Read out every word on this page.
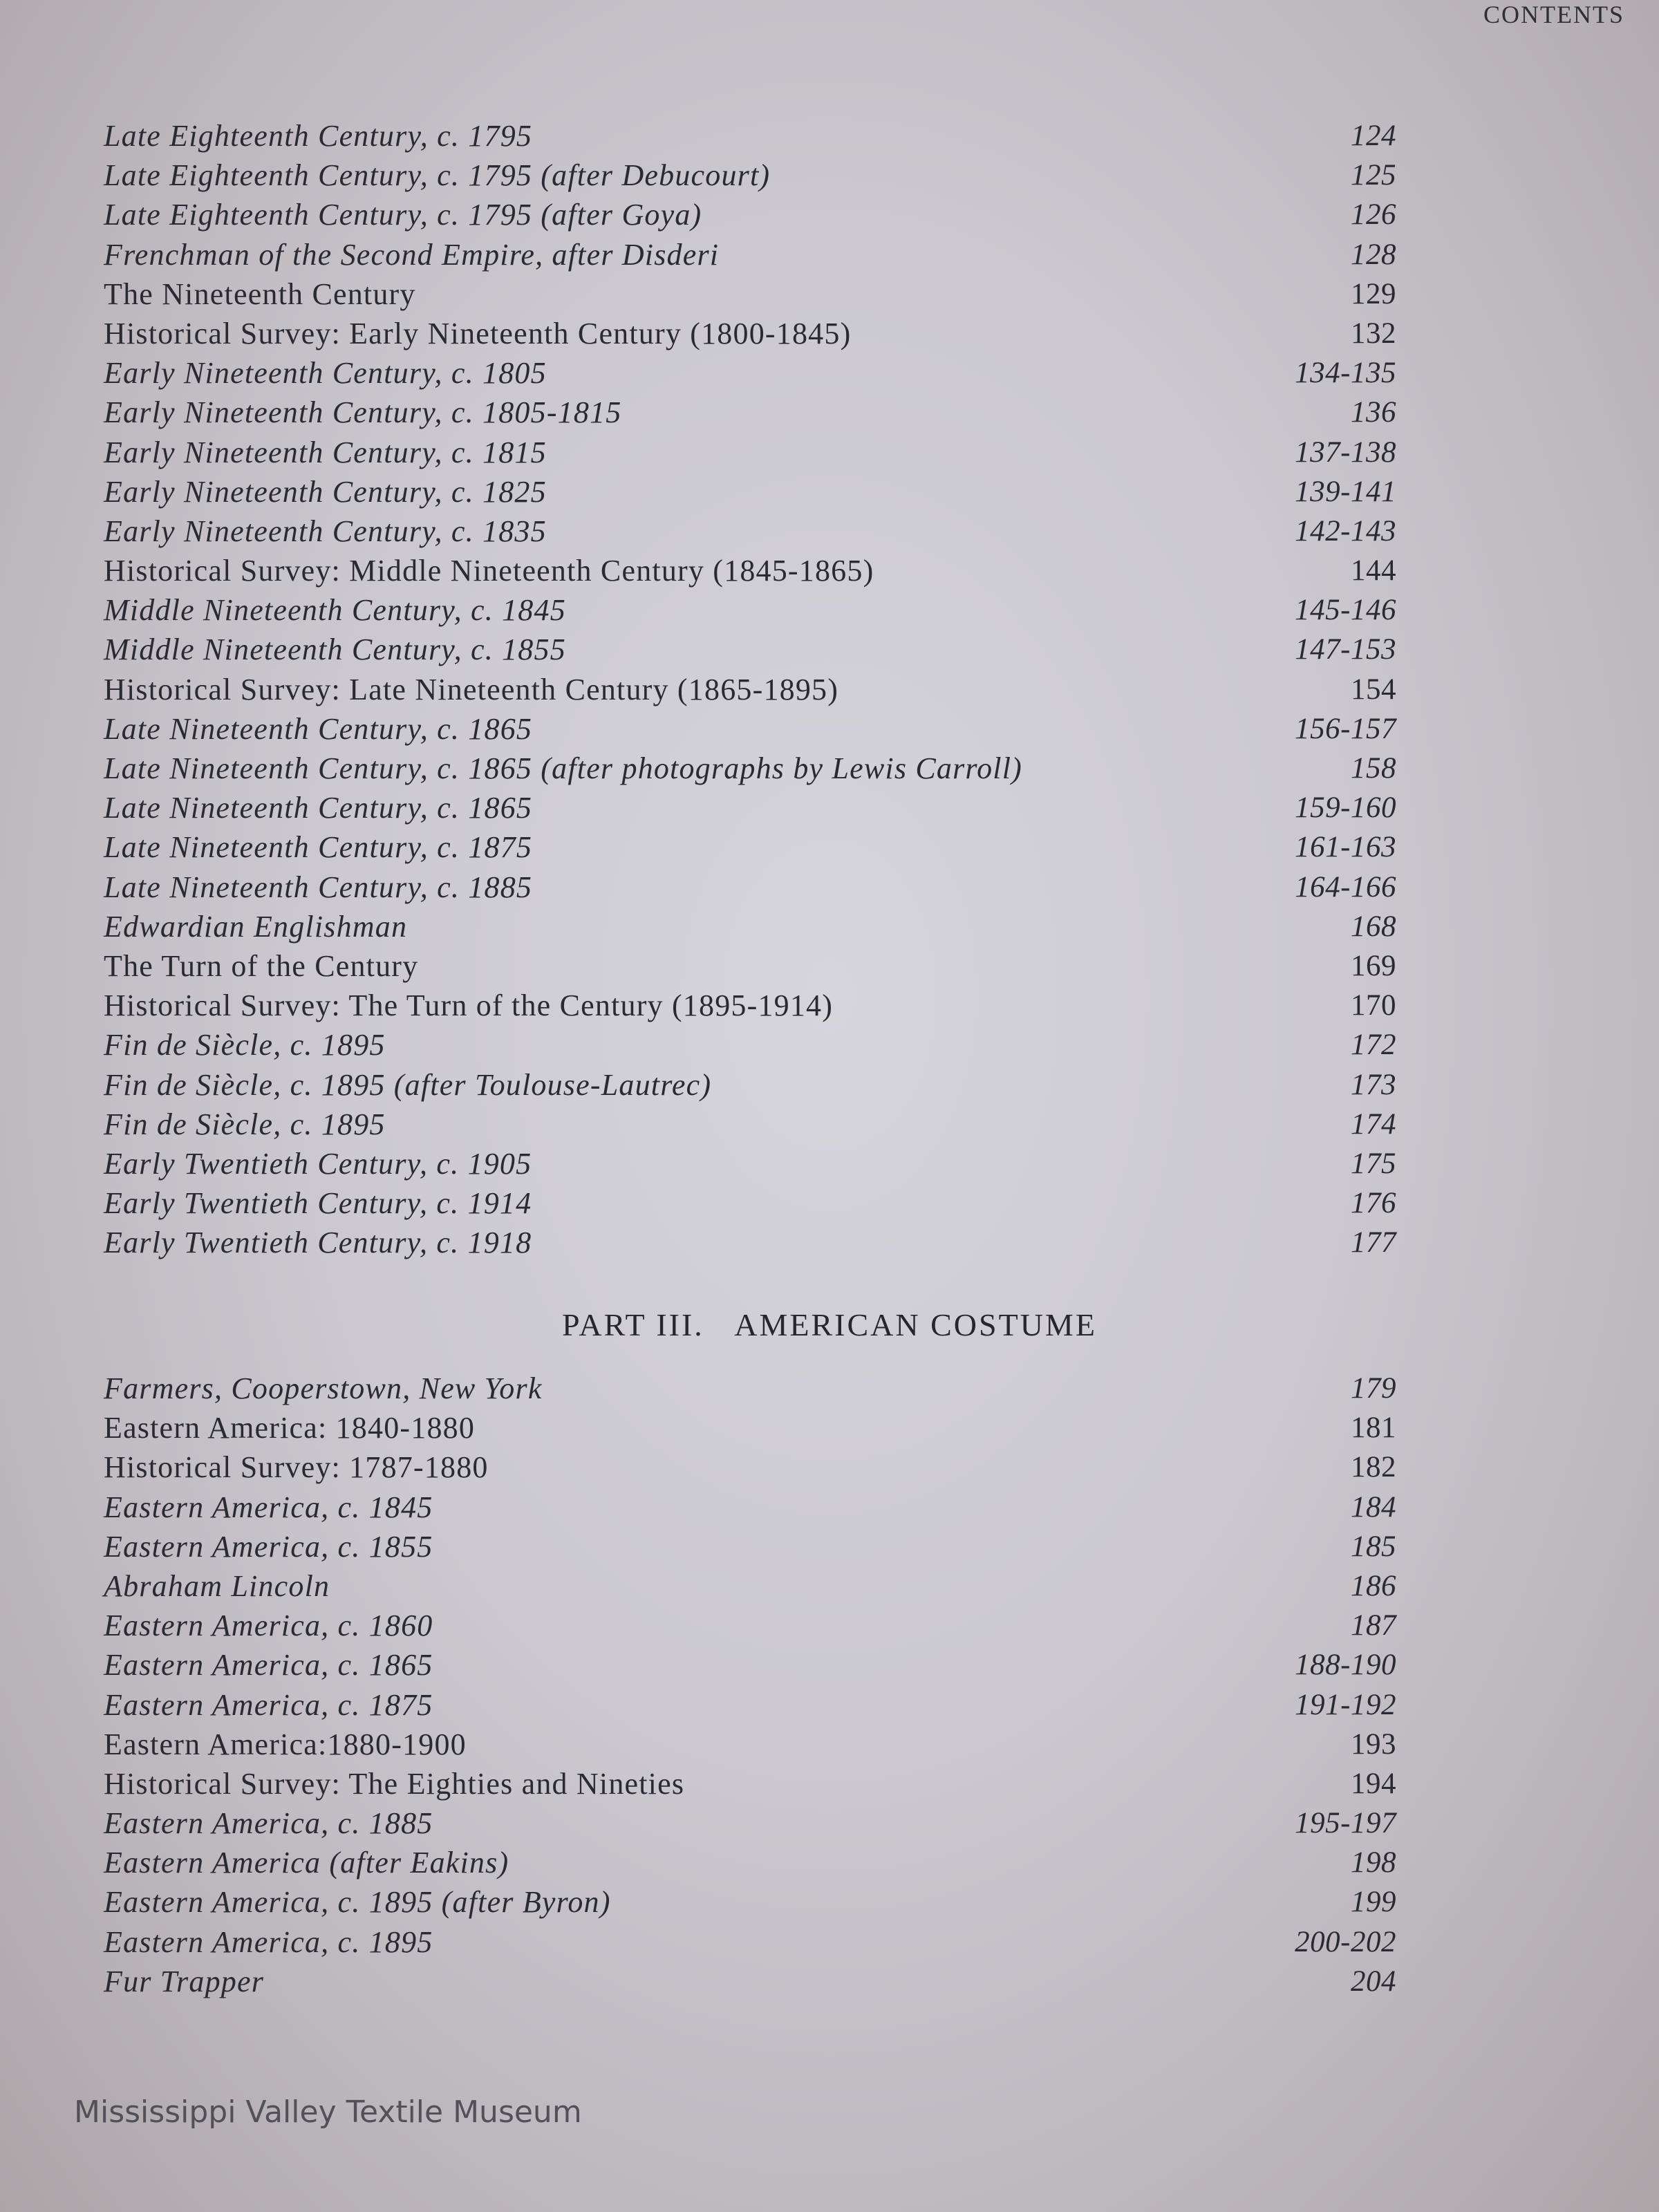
CONTENTS
Late Eighteenth Century, c. 1795	124
Late Eighteenth Century, c. 1795 (after Debucourt)	125
Late Eighteenth Century, c. 1795 (after Goya)	126
Frenchman of the Second Empire, after Disderi	128
The Nineteenth Century	129
Historical Survey: Early Nineteenth Century (1800-1845)	132
Early Nineteenth Century, c. 1805	134-135
Early Nineteenth Century, c. 1805-1815	136
Early Nineteenth Century, c. 1815	137-138
Early Nineteenth Century, c. 1825	139-141
Early Nineteenth Century, c. 1835	142-143
Historical Survey: Middle Nineteenth Century (1845-1865)	144
Middle Nineteenth Century, c. 1845	145-146
Middle Nineteenth Century, c. 1855	147-153
Historical Survey: Late Nineteenth Century (1865-1895)	154
Late Nineteenth Century, c. 1865	156-157
Late Nineteenth Century, c. 1865 (after photographs by Lewis Carroll)	158
Late Nineteenth Century, c. 1865	159-160
Late Nineteenth Century, c. 1875	161-163
Late Nineteenth Century, c. 1885	164-166
Edwardian Englishman	168
The Turn of the Century	169
Historical Survey: The Turn of the Century (1895-1914)	170
Fin de Siècle, c. 1895	172
Fin de Siècle, c. 1895 (after Toulouse-Lautrec)	173
Fin de Siècle, c. 1895	174
Early Twentieth Century, c. 1905	175
Early Twentieth Century, c. 1914	176
Early Twentieth Century, c. 1918	177
PART III. AMERICAN COSTUME
Farmers, Cooperstown, New York	179
Eastern America: 1840-1880	181
Historical Survey: 1787-1880	182
Eastern America, c. 1845	184
Eastern America, c. 1855	185
Abraham Lincoln	186
Eastern America, c. 1860	187
Eastern America, c. 1865	188-190
Eastern America, c. 1875	191-192
Eastern America:1880-1900	193
Historical Survey: The Eighties and Nineties	194
Eastern America, c. 1885	195-197
Eastern America (after Eakins)	198
Eastern America, c. 1895 (after Byron)	199
Eastern America, c. 1895	200-202
Fur Trapper	204
Mississippi Valley Textile Museum
